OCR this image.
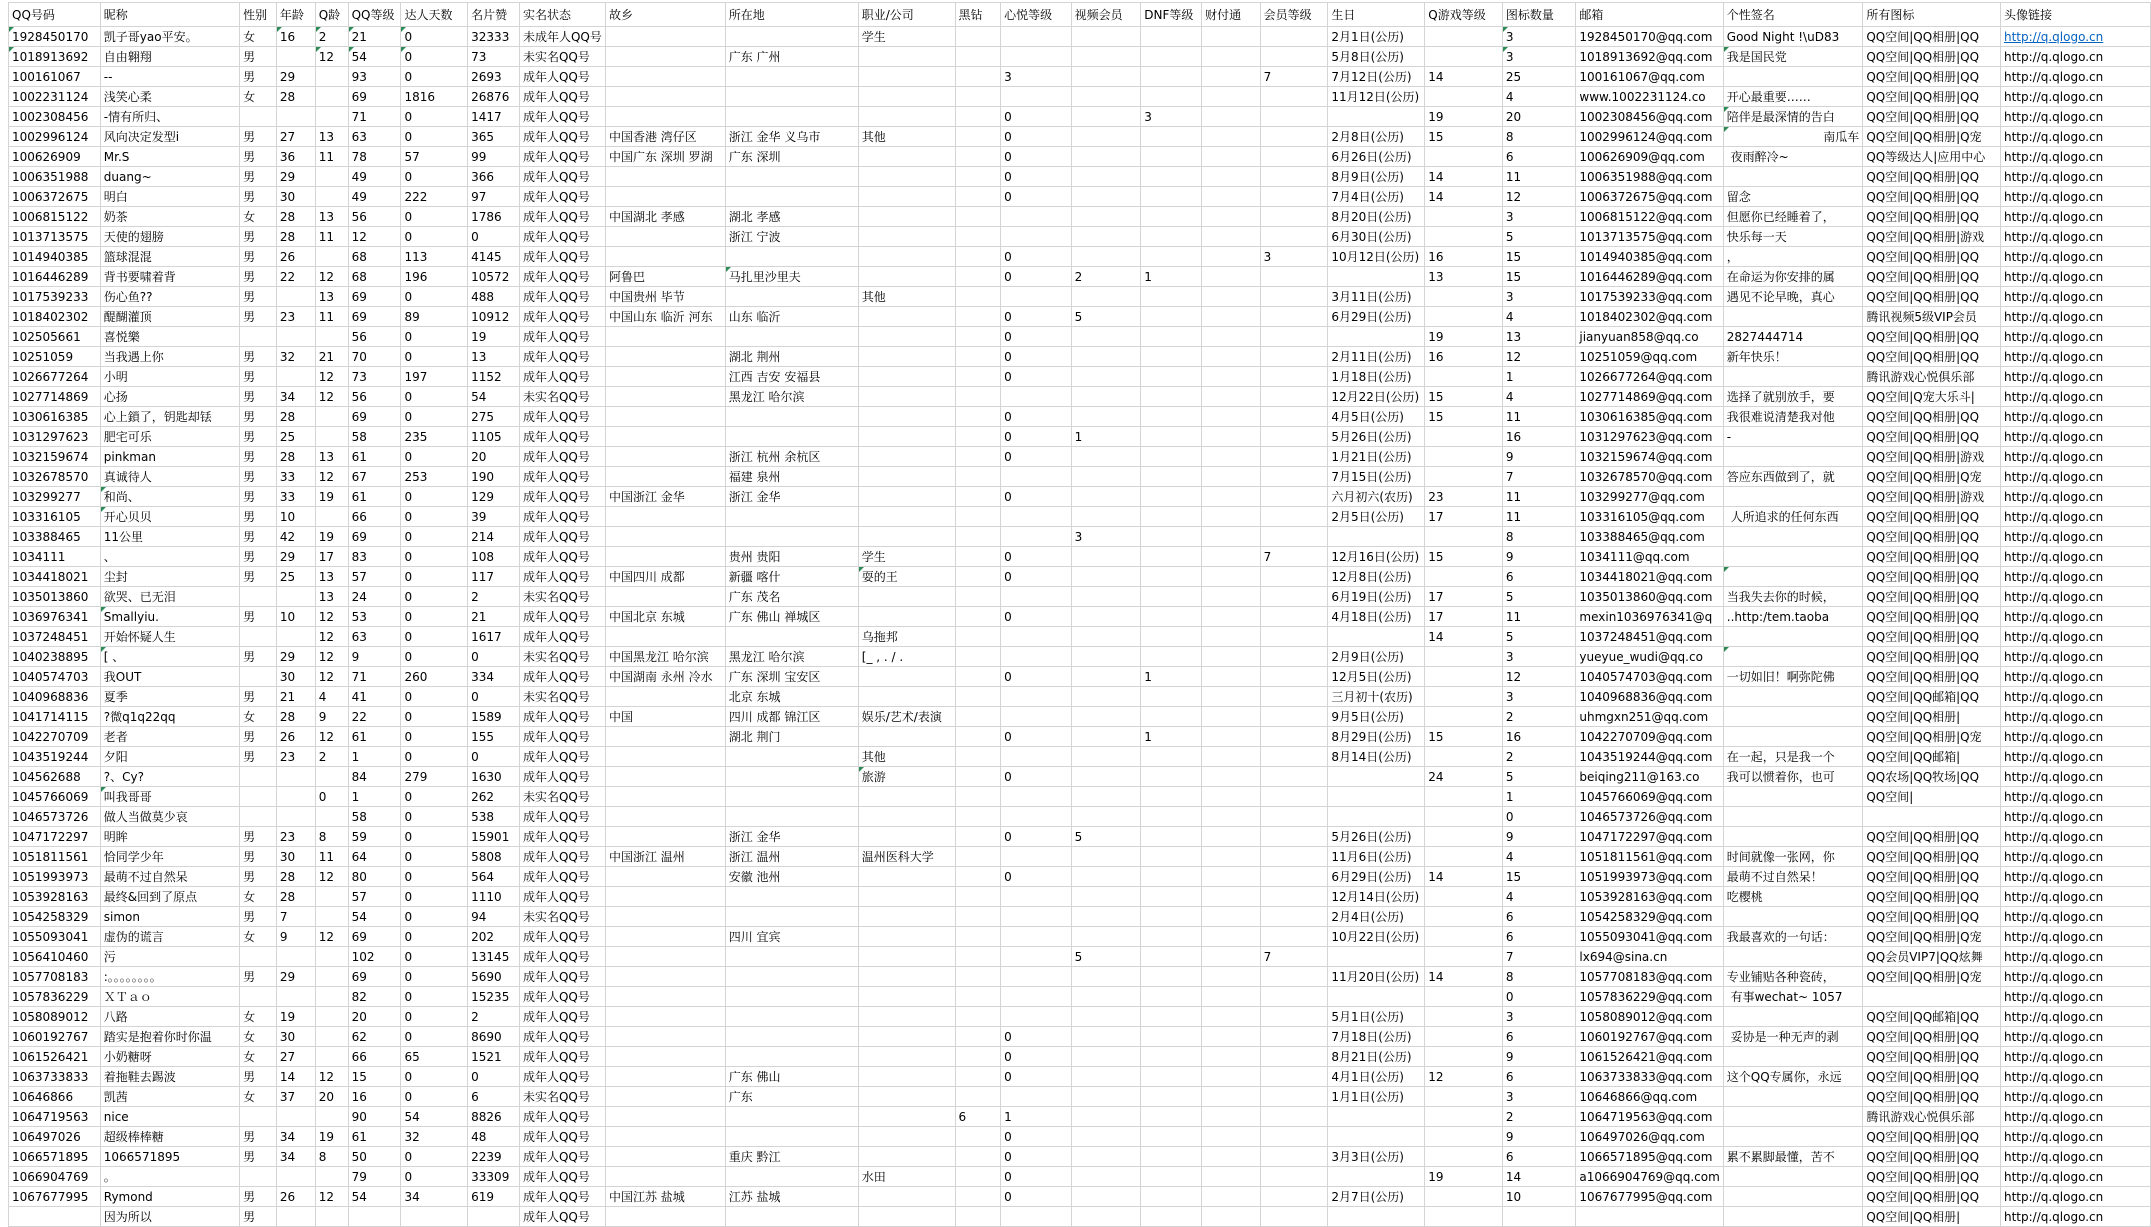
QQ号码	昵称	性别	年龄	Q龄	QQ等级	达人天数	名片赞	实名状态	故乡	所在地	职业/公司	黑钻	心悦等级	视频会员	DNF等级	财付通	会员等级	生日	Q游戏等级	图标数量	邮箱	个性签名	所有图标	头像链接
1928450170	凯子哥yao平安。	女	16	2	21	0	32333	未成年人QQ号			学生							2月1日(公历)		3	1928450170@qq.com	Good Night !\uD83	QQ空间|QQ相册|QQ	http://q.qlogo.cn
1018913692	自由翱翔	男		12	54	0	73	未实名QQ号		广东 广州								5月8日(公历)		3	1018913692@qq.com	我是国民党	QQ空间|QQ相册|QQ	http://q.qlogo.cn
100161067	--	男	29		93	0	2693	成年人QQ号					3				7	7月12日(公历)	14	25	100161067@qq.com		QQ空间|QQ相册|QQ	http://q.qlogo.cn
1002231124	浅笑心柔	女	28		69	1816	26876	成年人QQ号										11月12日(公历)		4	www.1002231124.co	开心最重要……	QQ空间|QQ相册|QQ	http://q.qlogo.cn
1002308456	-情有所归、				71	0	1417	成年人QQ号					0		3				19	20	1002308456@qq.com	陪伴是最深情的告白	QQ空间|QQ相册|QQ	http://q.qlogo.cn
1002996124	风向决定发型i	男	27	13	63	0	365	成年人QQ号	中国香港 湾仔区	浙江 金华 义乌市	其他		0					2月8日(公历)	15	8	1002996124@qq.com	南瓜车	QQ空间|QQ相册|Q宠	http://q.qlogo.cn
100626909	Mr.S	男	36	11	78	57	99	成年人QQ号	中国广东 深圳 罗湖	广东 深圳			0					6月26日(公历)		6	100626909@qq.com	夜雨醉冷~	QQ等级达人|应用中心	http://q.qlogo.cn
1006351988	duang~	男	29		49	0	366	成年人QQ号					0					8月9日(公历)	14	11	1006351988@qq.com		QQ空间|QQ相册|QQ	http://q.qlogo.cn
1006372675	明白	男	30		49	222	97	成年人QQ号					0					7月4日(公历)	14	12	1006372675@qq.com	留念	QQ空间|QQ相册|QQ	http://q.qlogo.cn
1006815122	奶茶	女	28	13	56	0	1786	成年人QQ号	中国湖北 孝感	湖北 孝感								8月20日(公历)		3	1006815122@qq.com	但愿你已经睡着了，	QQ空间|QQ相册|QQ	http://q.qlogo.cn
1013713575	天使的翅膀	男	28	11	12	0	0	成年人QQ号		浙江 宁波								6月30日(公历)		5	1013713575@qq.com	快乐每一天	QQ空间|QQ相册|游戏	http://q.qlogo.cn
1014940385	篮球混混	男	26		68	113	4145	成年人QQ号					0				3	10月12日(公历)	16	15	1014940385@qq.com	，	QQ空间|QQ相册|QQ	http://q.qlogo.cn
1016446289	背书要啸着背	男	22	12	68	196	10572	成年人QQ号	阿鲁巴	马扎里沙里夫			0	2	1				13	15	1016446289@qq.com	在命运为你安排的属	QQ空间|QQ相册|QQ	http://q.qlogo.cn
1017539233	伤心鱼??	男		13	69	0	488	成年人QQ号	中国贵州 毕节		其他							3月11日(公历)		3	1017539233@qq.com	遇见不论早晚，真心	QQ空间|QQ相册|QQ	http://q.qlogo.cn
1018402302	醍醐灌顶	男	23	11	69	89	10912	成年人QQ号	中国山东 临沂 河东	山东 临沂			0	5				6月29日(公历)		4	1018402302@qq.com		腾讯视频5级VIP会员	http://q.qlogo.cn
102505661	喜悦樂				56	0	19	成年人QQ号					0						19	13	jianyuan858@qq.co	2827444714	QQ空间|QQ相册|QQ	http://q.qlogo.cn
10251059	当我遇上你	男	32	21	70	0	13	成年人QQ号		湖北 荆州			0					2月11日(公历)	16	12	10251059@qq.com	新年快乐！	QQ空间|QQ相册|QQ	http://q.qlogo.cn
1026677264	小明	男		12	73	197	1152	成年人QQ号		江西 吉安 安福县			0					1月18日(公历)		1	1026677264@qq.com		腾讯游戏心悦俱乐部	http://q.qlogo.cn
1027714869	心扬	男	34	12	56	0	54	未实名QQ号		黑龙江 哈尔滨								12月22日(公历)	15	4	1027714869@qq.com	选择了就别放手，要	QQ空间|Q宠大乐斗|	http://q.qlogo.cn
1030616385	心上鎖了，钥匙却铥	男	28		69	0	275	成年人QQ号					0					4月5日(公历)	15	11	1030616385@qq.com	我很难说清楚我对他	QQ空间|QQ相册|QQ	http://q.qlogo.cn
1031297623	肥宅可乐	男	25		58	235	1105	成年人QQ号					0	1				5月26日(公历)		16	1031297623@qq.com	-	QQ空间|QQ相册|QQ	http://q.qlogo.cn
1032159674	pinkman	男	28	13	61	0	20	成年人QQ号		浙江 杭州 余杭区			0					1月21日(公历)		9	1032159674@qq.com		QQ空间|QQ相册|游戏	http://q.qlogo.cn
1032678570	真诚待人	男	33	12	67	253	190	成年人QQ号		福建 泉州								7月15日(公历)		7	1032678570@qq.com	答应东西做到了，就	QQ空间|QQ相册|Q宠	http://q.qlogo.cn
103299277	和尚、	男	33	19	61	0	129	成年人QQ号	中国浙江 金华	浙江 金华			0					六月初六(农历)	23	11	103299277@qq.com		QQ空间|QQ相册|游戏	http://q.qlogo.cn
103316105	开心贝贝	男	10		66	0	39	成年人QQ号										2月5日(公历)	17	11	103316105@qq.com	人所追求的任何东西	QQ空间|QQ相册|QQ	http://q.qlogo.cn
103388465	11公里	男	42	19	69	0	214	成年人QQ号						3						8	103388465@qq.com		QQ空间|QQ相册|QQ	http://q.qlogo.cn
1034111	、	男	29	17	83	0	108	成年人QQ号		贵州 贵阳	学生		0				7	12月16日(公历)	15	9	1034111@qq.com		QQ空间|QQ相册|QQ	http://q.qlogo.cn
1034418021	尘封	男	25	13	57	0	117	成年人QQ号	中国四川 成都	新疆 喀什	耍的王		0					12月8日(公历)		6	1034418021@qq.com		QQ空间|QQ相册|QQ	http://q.qlogo.cn
1035013860	欲哭、已无泪			13	24	0	2	未实名QQ号		广东 茂名								6月19日(公历)	17	5	1035013860@qq.com	当我失去你的时候，	QQ空间|QQ相册|QQ	http://q.qlogo.cn
1036976341	Smallyiu.	男	10	12	53	0	21	成年人QQ号	中国北京 东城	广东 佛山 禅城区			0					4月18日(公历)	17	11	mexin1036976341@q	..http:/tem.taoba	QQ空间|QQ相册|QQ	http://q.qlogo.cn
1037248451	开始怀疑人生			12	63	0	1617	成年人QQ号			乌拖邦								14	5	1037248451@qq.com		QQ空间|QQ相册|QQ	http://q.qlogo.cn
1040238895	[ 、	男	29	12	9	0	0	未实名QQ号	中国黑龙江 哈尔滨	黑龙江 哈尔滨	[_ , . / .							2月9日(公历)		3	yueyue_wudi@qq.co		QQ空间|QQ相册|QQ	http://q.qlogo.cn
1040574703	我OUT		30	12	71	260	334	成年人QQ号	中国湖南 永州 冷水	广东 深圳 宝安区			0		1			12月5日(公历)		12	1040574703@qq.com	一切如旧！啊弥陀佛	QQ空间|QQ相册|QQ	http://q.qlogo.cn
1040968836	夏季	男	21	4	41	0	0	未实名QQ号		北京 东城								三月初十(农历)		3	1040968836@qq.com		QQ空间|QQ邮箱|QQ	http://q.qlogo.cn
1041714115	?微q1q22qq	女	28	9	22	0	1589	成年人QQ号	中国	四川 成都 锦江区	娱乐/艺术/表演							9月5日(公历)		2	uhmgxn251@qq.com		QQ空间|QQ相册|	http://q.qlogo.cn
1042270709	老者	男	26	12	61	0	155	成年人QQ号		湖北 荆门			0		1			8月29日(公历)	15	16	1042270709@qq.com		QQ空间|QQ相册|Q宠	http://q.qlogo.cn
1043519244	夕阳	男	23	2	1	0	0	成年人QQ号			其他							8月14日(公历)		2	1043519244@qq.com	在一起，只是我一个	QQ空间|QQ邮箱|	http://q.qlogo.cn
104562688	?、Cy?				84	279	1630	成年人QQ号			旅游		0						24	5	beiqing211@163.co	我可以惯着你，也可	QQ农场|QQ牧场|QQ	http://q.qlogo.cn
1045766069	叫我哥哥			0	1	0	262	未实名QQ号												1	1045766069@qq.com		QQ空间|	http://q.qlogo.cn
1046573726	做人当做莫少哀				58	0	538	成年人QQ号												0	1046573726@qq.com			http://q.qlogo.cn
1047172297	明眸	男	23	8	59	0	15901	成年人QQ号		浙江 金华			0	5				5月26日(公历)		9	1047172297@qq.com		QQ空间|QQ相册|QQ	http://q.qlogo.cn
1051811561	恰同学少年	男	30	11	64	0	5808	成年人QQ号	中国浙江 温州	浙江 温州	温州医科大学							11月6日(公历)		4	1051811561@qq.com	时间就像一张网，你	QQ空间|QQ相册|QQ	http://q.qlogo.cn
1051993973	最萌不过自然呆	男	28	12	80	0	564	成年人QQ号		安徽 池州			0					6月29日(公历)	14	15	1051993973@qq.com	最萌不过自然呆！	QQ空间|QQ相册|QQ	http://q.qlogo.cn
1053928163	最终&回到了原点	女	28		57	0	1110	成年人QQ号										12月14日(公历)		4	1053928163@qq.com	吃樱桃	QQ空间|QQ相册|QQ	http://q.qlogo.cn
1054258329	simon	男	7		54	0	94	未实名QQ号										2月4日(公历)		6	1054258329@qq.com		QQ空间|QQ相册|QQ	http://q.qlogo.cn
1055093041	虚伪的谎言	女	9	12	69	0	202	成年人QQ号		四川 宜宾								10月22日(公历)		6	1055093041@qq.com	我最喜欢的一句话：	QQ空间|QQ相册|Q宠	http://q.qlogo.cn
1056410460	污				102	0	13145	成年人QQ号						5			7			7	lx694@sina.cn		QQ会员VIP7|QQ炫舞	http://q.qlogo.cn
1057708183	:。。。。。。。。	男	29		69	0	5690	成年人QQ号										11月20日(公历)	14	8	1057708183@qq.com	专业铺贴各种瓷砖，	QQ空间|QQ相册|Q宠	http://q.qlogo.cn
1057836229	ＸＴａｏ				82	0	15235	成年人QQ号												0	1057836229@qq.com	有事wechat~ 1057		http://q.qlogo.cn
1058089012	八路	女	19		20	0	2	成年人QQ号										5月1日(公历)		3	1058089012@qq.com		QQ空间|QQ邮箱|QQ	http://q.qlogo.cn
1060192767	踏实是抱着你时你温	女	30		62	0	8690	成年人QQ号					0					7月18日(公历)		6	1060192767@qq.com	妥协是一种无声的剥	QQ空间|QQ相册|QQ	http://q.qlogo.cn
1061526421	小奶糖呀	女	27		66	65	1521	成年人QQ号					0					8月21日(公历)		9	1061526421@qq.com		QQ空间|QQ相册|QQ	http://q.qlogo.cn
1063733833	着拖鞋去踢波	男	14	12	15	0	0	成年人QQ号		广东 佛山			0					4月1日(公历)	12	6	1063733833@qq.com	这个QQ专属你，永远	QQ空间|QQ相册|QQ	http://q.qlogo.cn
10646866	凯茜	女	37	20	16	0	6	未实名QQ号		广东								1月1日(公历)		3	10646866@qq.com		QQ空间|QQ相册|QQ	http://q.qlogo.cn
1064719563	nice				90	54	8826	成年人QQ号				6	1							2	1064719563@qq.com		腾讯游戏心悦俱乐部	http://q.qlogo.cn
106497026	超级棒棒糖	男	34	19	61	32	48	成年人QQ号					0							9	106497026@qq.com		QQ空间|QQ相册|QQ	http://q.qlogo.cn
1066571895	1066571895	男	34	8	50	0	2239	成年人QQ号		重庆 黔江			0					3月3日(公历)		6	1066571895@qq.com	累不累脚最懂，苦不	QQ空间|QQ相册|QQ	http://q.qlogo.cn
1066904769	。				79	0	33309	成年人QQ号			水田		0						19	14	a1066904769@qq.com		QQ空间|QQ相册|QQ	http://q.qlogo.cn
1067677995	Rymond	男	26	12	54	34	619	成年人QQ号	中国江苏 盐城	江苏 盐城			0					2月7日(公历)		10	1067677995@qq.com		QQ空间|QQ相册|QQ	http://q.qlogo.cn
	因为所以	男						成年人QQ号															QQ空间|QQ相册|	http://q.qlogo.cn
